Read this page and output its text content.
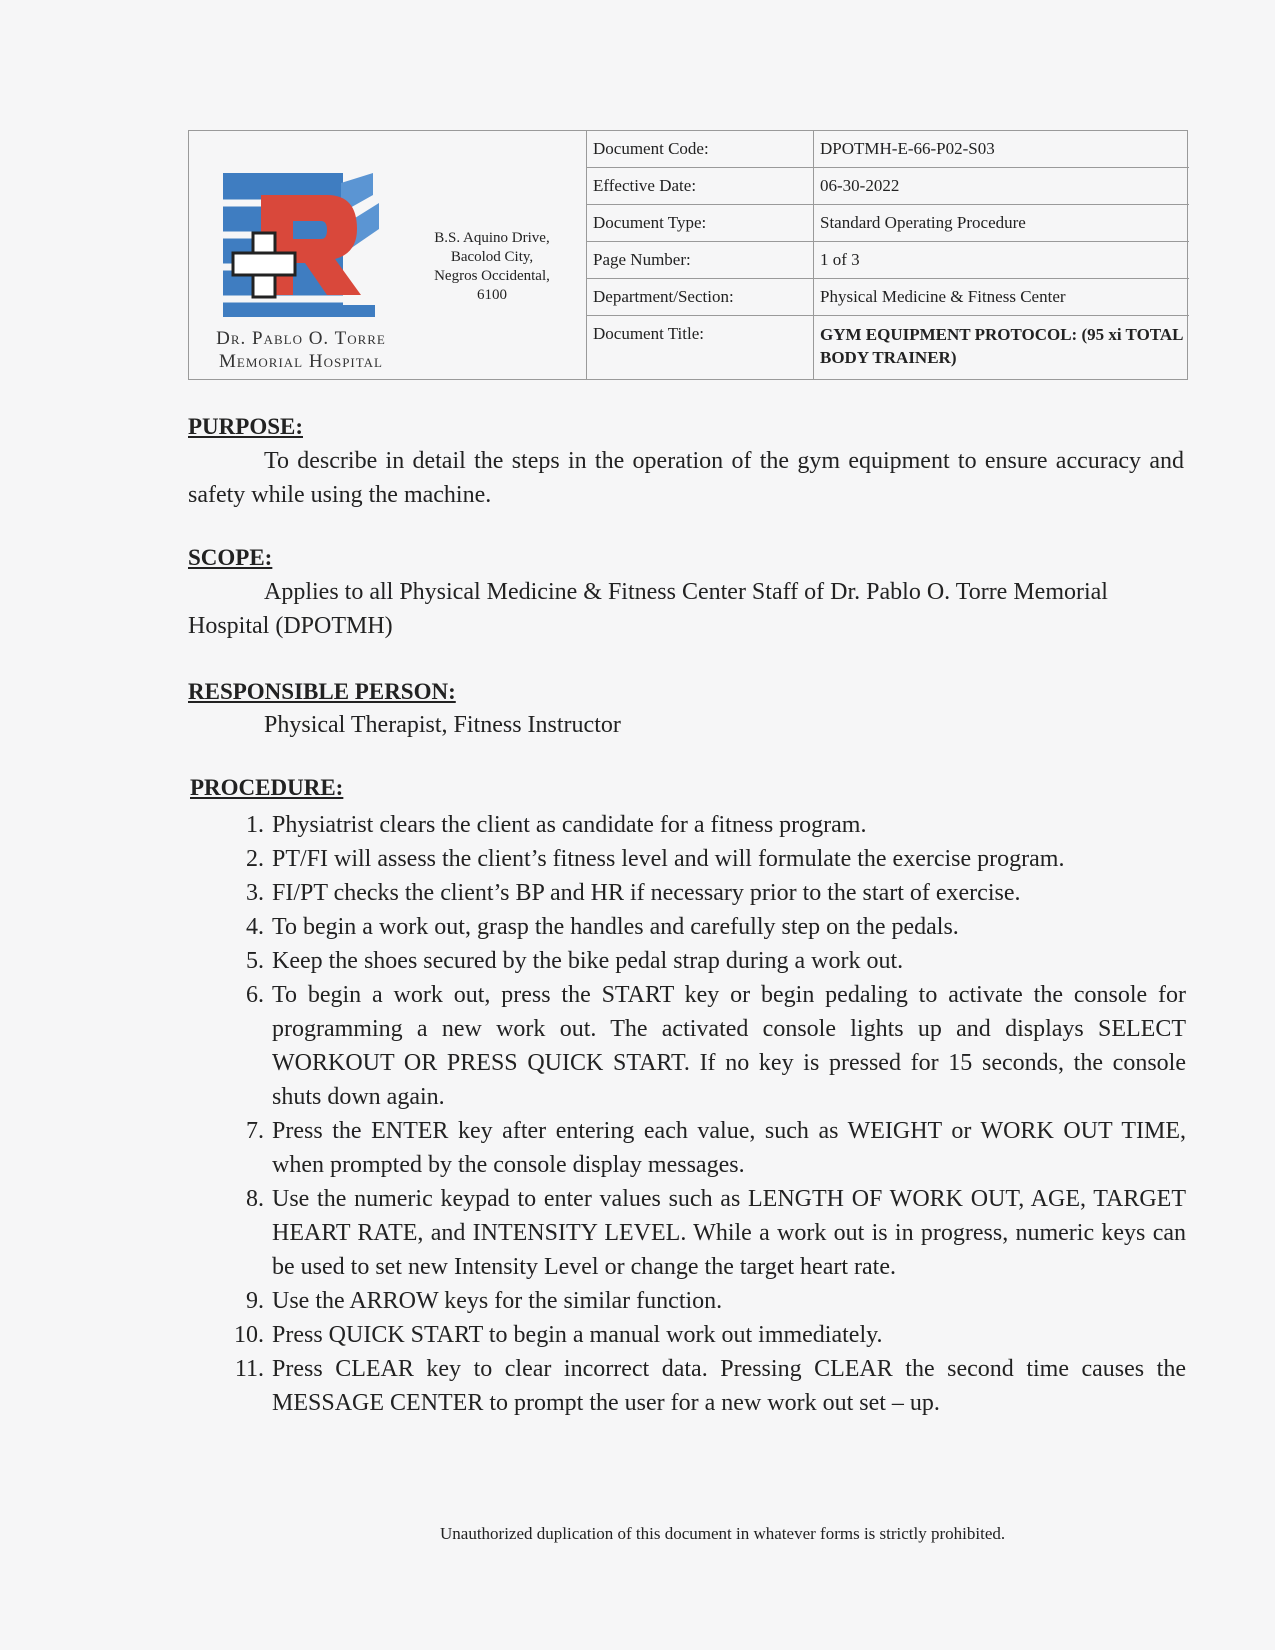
Dr. Pablo O. Torre
Memorial Hospital
B.S. Aquino Drive,
Bacolod City,
Negros Occidental,
6100
Document Code:
Effective Date:
Document Type:
Page Number:
Department/Section:
Document Title:
DPOTMH-E-66-P02-S03
06-30-2022
Standard Operating Procedure
1 of 3
Physical Medicine & Fitness Center
GYM EQUIPMENT PROTOCOL: (95 xi TOTAL BODY TRAINER)
PURPOSE:
To describe in detail the steps in the operation of the gym equipment to ensure accuracy and safety while using the machine.
SCOPE:
Applies to all Physical Medicine & Fitness Center Staff of Dr. Pablo O. Torre Memorial Hospital (DPOTMH)
RESPONSIBLE PERSON:
Physical Therapist, Fitness Instructor
PROCEDURE:
1. Physiatrist clears the client as candidate for a fitness program.
2. PT/FI will assess the client’s fitness level and will formulate the exercise program.
3. FI/PT checks the client’s BP and HR if necessary prior to the start of exercise.
4. To begin a work out, grasp the handles and carefully step on the pedals.
5. Keep the shoes secured by the bike pedal strap during a work out.
6. To begin a work out, press the START key or begin pedaling to activate the console for programming a new work out. The activated console lights up and displays SELECT WORKOUT OR PRESS QUICK START. If no key is pressed for 15 seconds, the console shuts down again.
7. Press the ENTER key after entering each value, such as WEIGHT or WORK OUT TIME, when prompted by the console display messages.
8. Use the numeric keypad to enter values such as LENGTH OF WORK OUT, AGE, TARGET HEART RATE, and INTENSITY LEVEL. While a work out is in progress, numeric keys can be used to set new Intensity Level or change the target heart rate.
9. Use the ARROW keys for the similar function.
10. Press QUICK START to begin a manual work out immediately.
11. Press CLEAR key to clear incorrect data. Pressing CLEAR the second time causes the MESSAGE CENTER to prompt the user for a new work out set – up.
Unauthorized duplication of this document in whatever forms is strictly prohibited.
